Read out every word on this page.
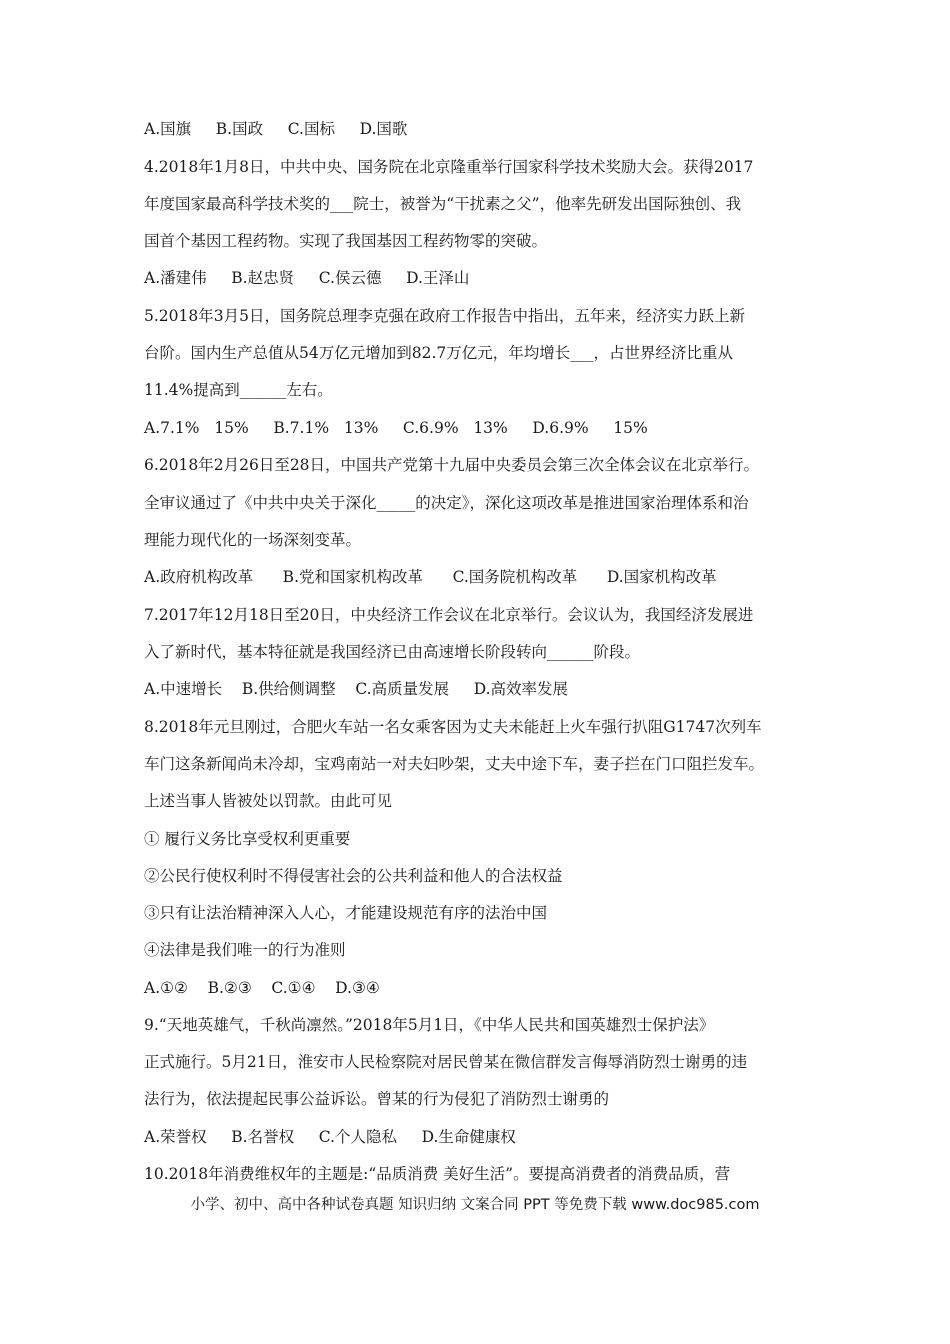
A.国旗     B.国政     C.国标     D.国歌
4.2018年1月8日，中共中央、国务院在北京隆重举行国家科学技术奖励大会。获得2017
年度国家最高科学技术奖的___院士，被誉为“干扰素之父”，他率先研发出国际独创、我
国首个基因工程药物。实现了我国基因工程药物零的突破。
A.潘建伟     B.赵忠贤     C.侯云德     D.王泽山
5.2018年3月5日，国务院总理李克强在政府工作报告中指出，五年来，经济实力跃上新
台阶。国内生产总值从54万亿元增加到82.7万亿元，年均增长___，占世界经济比重从
11.4%提高到______左右。
A.7.1%   15%     B.7.1%   13%     C.6.9%   13%     D.6.9%     15%
6.2018年2月26日至28日，中国共产党第十九届中央委员会第三次全体会议在北京举行。
全审议通过了《中共中央关于深化_____的决定》，深化这项改革是推进国家治理体系和治
理能力现代化的一场深刻变革。
A.政府机构改革      B.党和国家机构改革      C.国务院机构改革      D.国家机构改革
7.2017年12月18日至20日，中央经济工作会议在北京举行。会议认为，我国经济发展进
入了新时代，基本特征就是我国经济已由高速增长阶段转向______阶段。
A.中速增长    B.供给侧调整    C.高质量发展     D.高效率发展
8.2018年元旦刚过，合肥火车站一名女乘客因为丈夫未能赶上火车强行扒阻G1747次列车
车门这条新闻尚未冷却，宝鸡南站一对夫妇吵架，丈夫中途下车，妻子拦在门口阻拦发车。
上述当事人皆被处以罚款。由此可见
① 履行义务比享受权利更重要
②公民行使权利时不得侵害社会的公共利益和他人的合法权益
③只有让法治精神深入人心，才能建设规范有序的法治中国
④法律是我们唯一的行为准则
A.①②    B.②③    C.①④    D.③④
9.“天地英雄气，千秋尚凛然。”2018年5月1日，《中华人民共和国英雄烈士保护法》
正式施行。5月21日，淮安市人民检察院对居民曾某在微信群发言侮辱消防烈士谢勇的违
法行为，依法提起民事公益诉讼。曾某的行为侵犯了消防烈士谢勇的
A.荣誉权     B.名誉权     C.个人隐私     D.生命健康权
10.2018年消费维权年的主题是:“品质消费 美好生活”。要提高消费者的消费品质，营
小学、初中、高中各种试卷真题 知识归纳 文案合同 PPT 等免费下载 www.doc985.com
